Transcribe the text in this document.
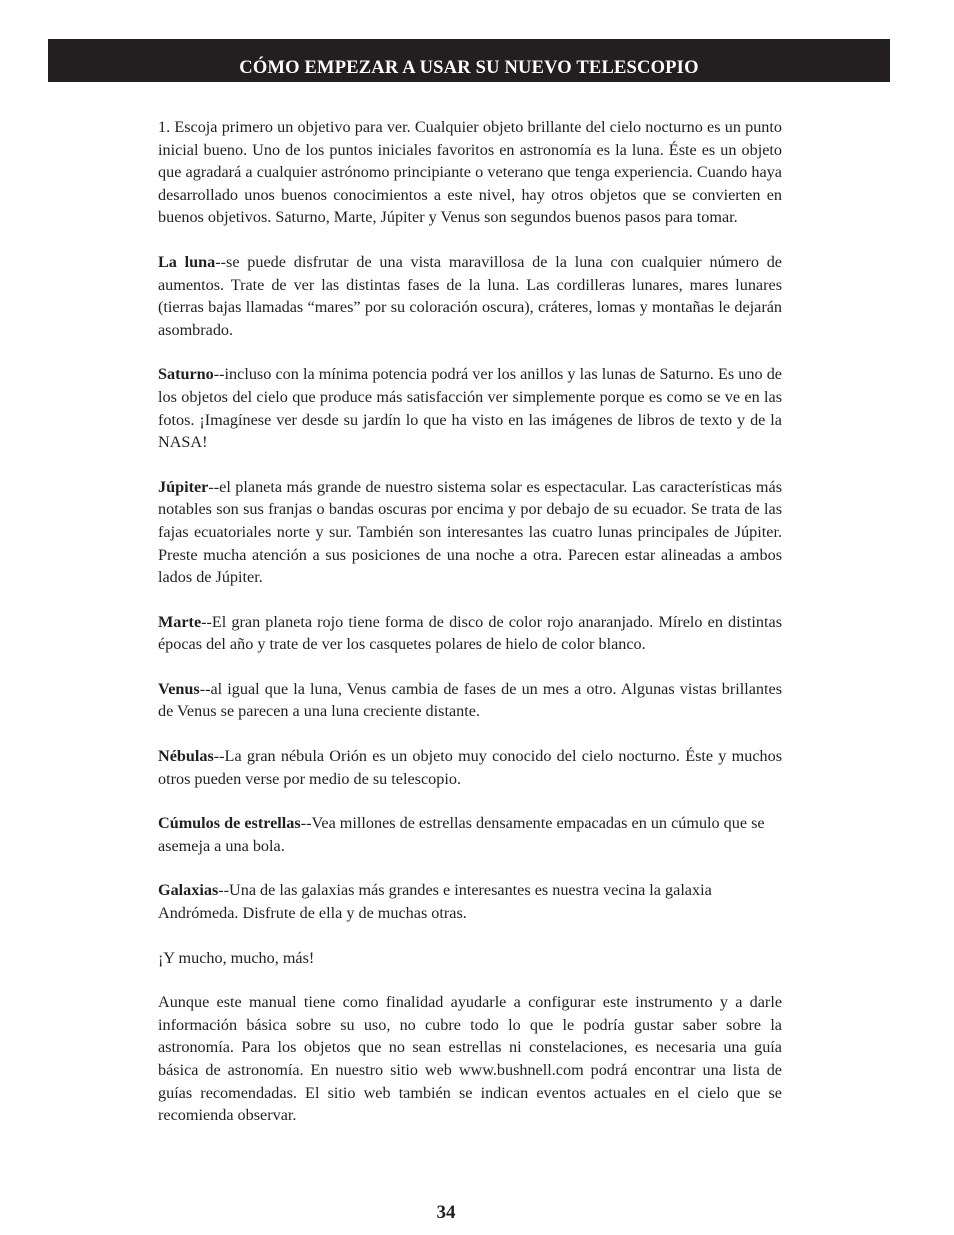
CÓMO EMPEZAR A USAR SU NUEVO TELESCOPIO

1. Escoja primero un objetivo para ver. Cualquier objeto brillante del cielo nocturno es un punto inicial bueno. Uno de los puntos iniciales favoritos en astronomía es la luna. Éste es un objeto que agradará a cualquier astrónomo principiante o veterano que tenga experiencia. Cuando haya desarrollado unos buenos conocimientos a este nivel, hay otros objetos que se convierten en buenos objetivos. Saturno, Marte, Júpiter y Venus son segundos buenos pasos para tomar.

La luna--se puede disfrutar de una vista maravillosa de la luna con cualquier número de aumentos. Trate de ver las distintas fases de la luna. Las cordilleras lunares, mares lunares (tierras bajas llamadas “mares” por su coloración oscura), cráteres, lomas y montañas le dejarán asombrado.

Saturno--incluso con la mínima potencia podrá ver los anillos y las lunas de Saturno. Es uno de los objetos del cielo que produce más satisfacción ver simplemente porque es como se ve en las fotos. ¡Imagínese ver desde su jardín lo que ha visto en las imágenes de libros de texto y de la NASA!

Júpiter--el planeta más grande de nuestro sistema solar es espectacular. Las características más notables son sus franjas o bandas oscuras por encima y por debajo de su ecuador. Se trata de las fajas ecuatoriales norte y sur. También son interesantes las cuatro lunas principales de Júpiter. Preste mucha atención a sus posiciones de una noche a otra. Parecen estar alineadas a ambos lados de Júpiter.

Marte--El gran planeta rojo tiene forma de disco de color rojo anaranjado. Mírelo en distintas épocas del año y trate de ver los casquetes polares de hielo de color blanco.

Venus--al igual que la luna, Venus cambia de fases de un mes a otro. Algunas vistas brillantes de Venus se parecen a una luna creciente distante.

Nébulas--La gran nébula Orión es un objeto muy conocido del cielo nocturno. Éste y muchos otros pueden verse por medio de su telescopio.

Cúmulos de estrellas--Vea millones de estrellas densamente empacadas en un cúmulo que se asemeja a una bola.

Galaxias--Una de las galaxias más grandes e interesantes es nuestra vecina la galaxia Andrómeda. Disfrute de ella y de muchas otras.

¡Y mucho, mucho, más!

Aunque este manual tiene como finalidad ayudarle a configurar este instrumento y a darle información básica sobre su uso, no cubre todo lo que le podría gustar saber sobre la astronomía. Para los objetos que no sean estrellas ni constelaciones, es necesaria una guía básica de astronomía. En nuestro sitio web www.bushnell.com podrá encontrar una lista de guías recomendadas. El sitio web también se indican eventos actuales en el cielo que se recomienda observar.

34
